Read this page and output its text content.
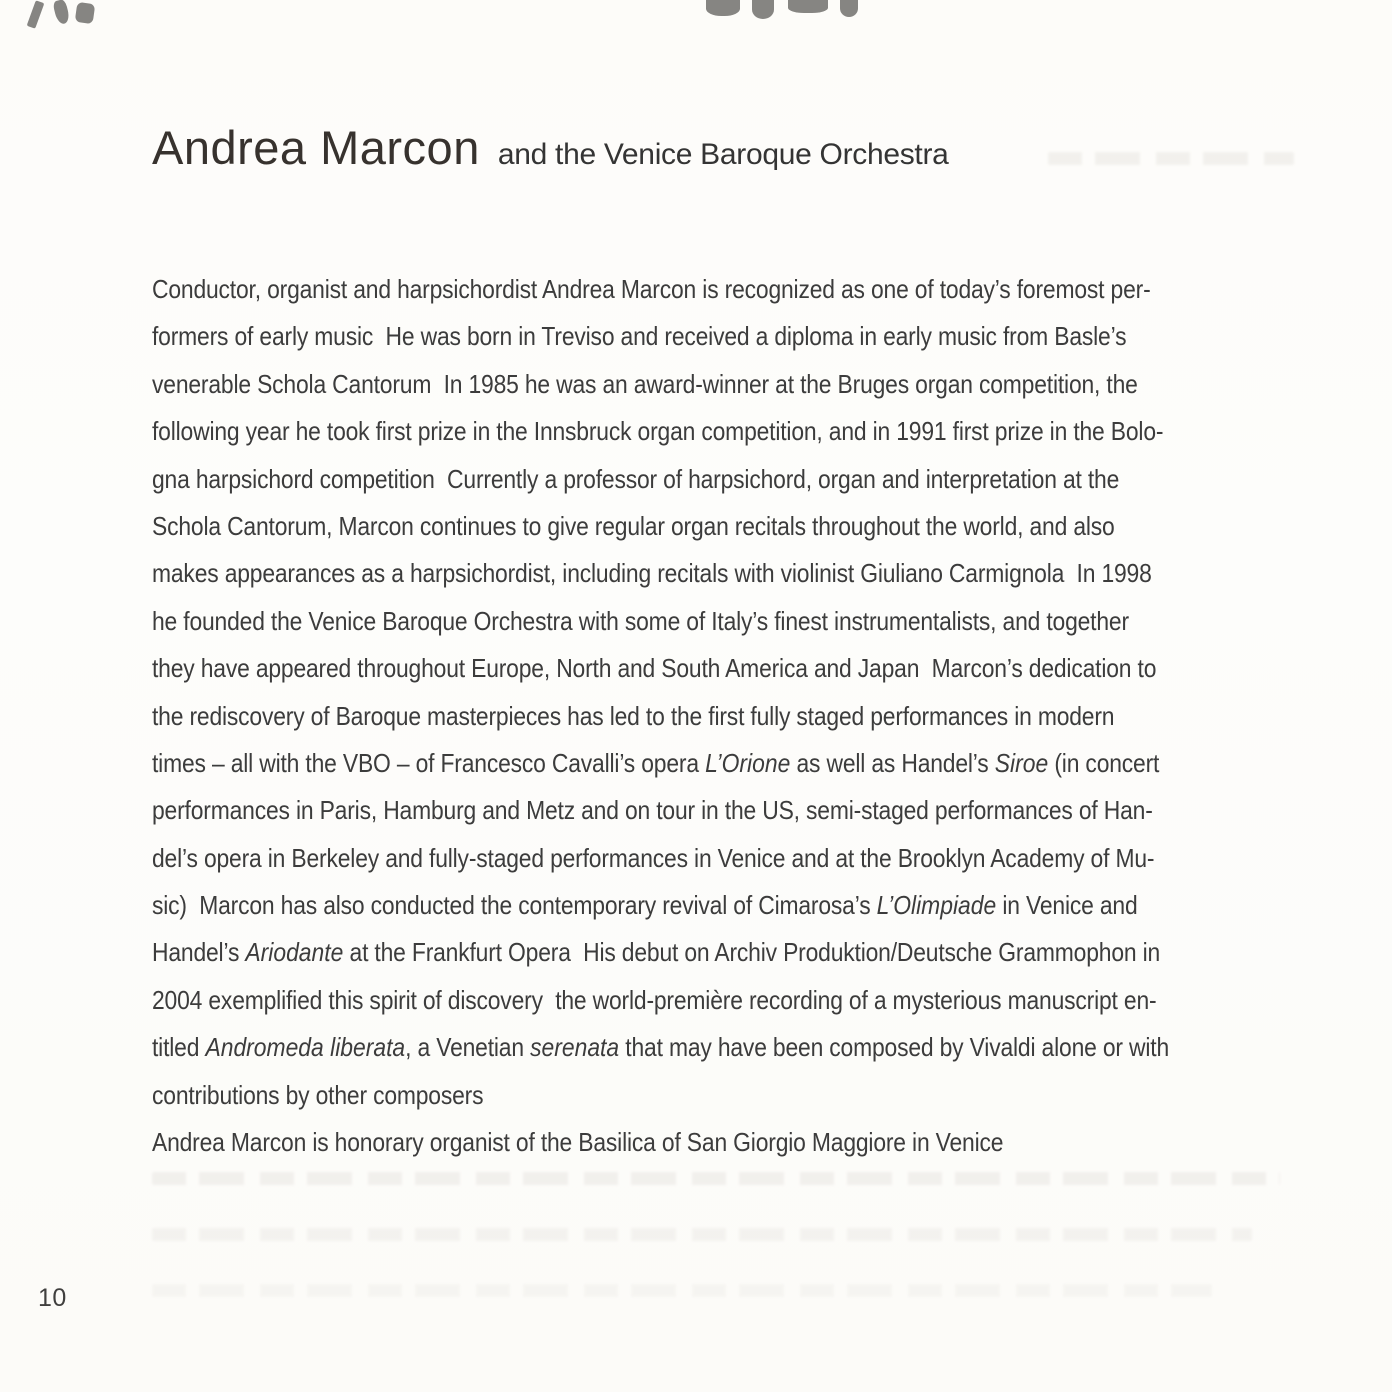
Andrea Marcon and the Venice Baroque Orchestra
Conductor, organist and harpsichordist Andrea Marcon is recognized as one of today’s foremost per-
formers of early music  He was born in Treviso and received a diploma in early music from Basle’s
venerable Schola Cantorum  In 1985 he was an award-winner at the Bruges organ competition, the
following year he took first prize in the Innsbruck organ competition, and in 1991 first prize in the Bolo-
gna harpsichord competition  Currently a professor of harpsichord, organ and interpretation at the
Schola Cantorum, Marcon continues to give regular organ recitals throughout the world, and also
makes appearances as a harpsichordist, including recitals with violinist Giuliano Carmignola  In 1998
he founded the Venice Baroque Orchestra with some of Italy’s finest instrumentalists, and together
they have appeared throughout Europe, North and South America and Japan  Marcon’s dedication to
the rediscovery of Baroque masterpieces has led to the first fully staged performances in modern
times – all with the VBO – of Francesco Cavalli’s opera L’Orione as well as Handel’s Siroe (in concert
performances in Paris, Hamburg and Metz and on tour in the US, semi-staged performances of Han-
del’s opera in Berkeley and fully-staged performances in Venice and at the Brooklyn Academy of Mu-
sic)  Marcon has also conducted the contemporary revival of Cimarosa’s L’Olimpiade in Venice and
Handel’s Ariodante at the Frankfurt Opera  His debut on Archiv Produktion/Deutsche Grammophon in
2004 exemplified this spirit of discovery  the world-première recording of a mysterious manuscript en-
titled Andromeda liberata, a Venetian serenata that may have been composed by Vivaldi alone or with
contributions by other composers
Andrea Marcon is honorary organist of the Basilica of San Giorgio Maggiore in Venice
10
